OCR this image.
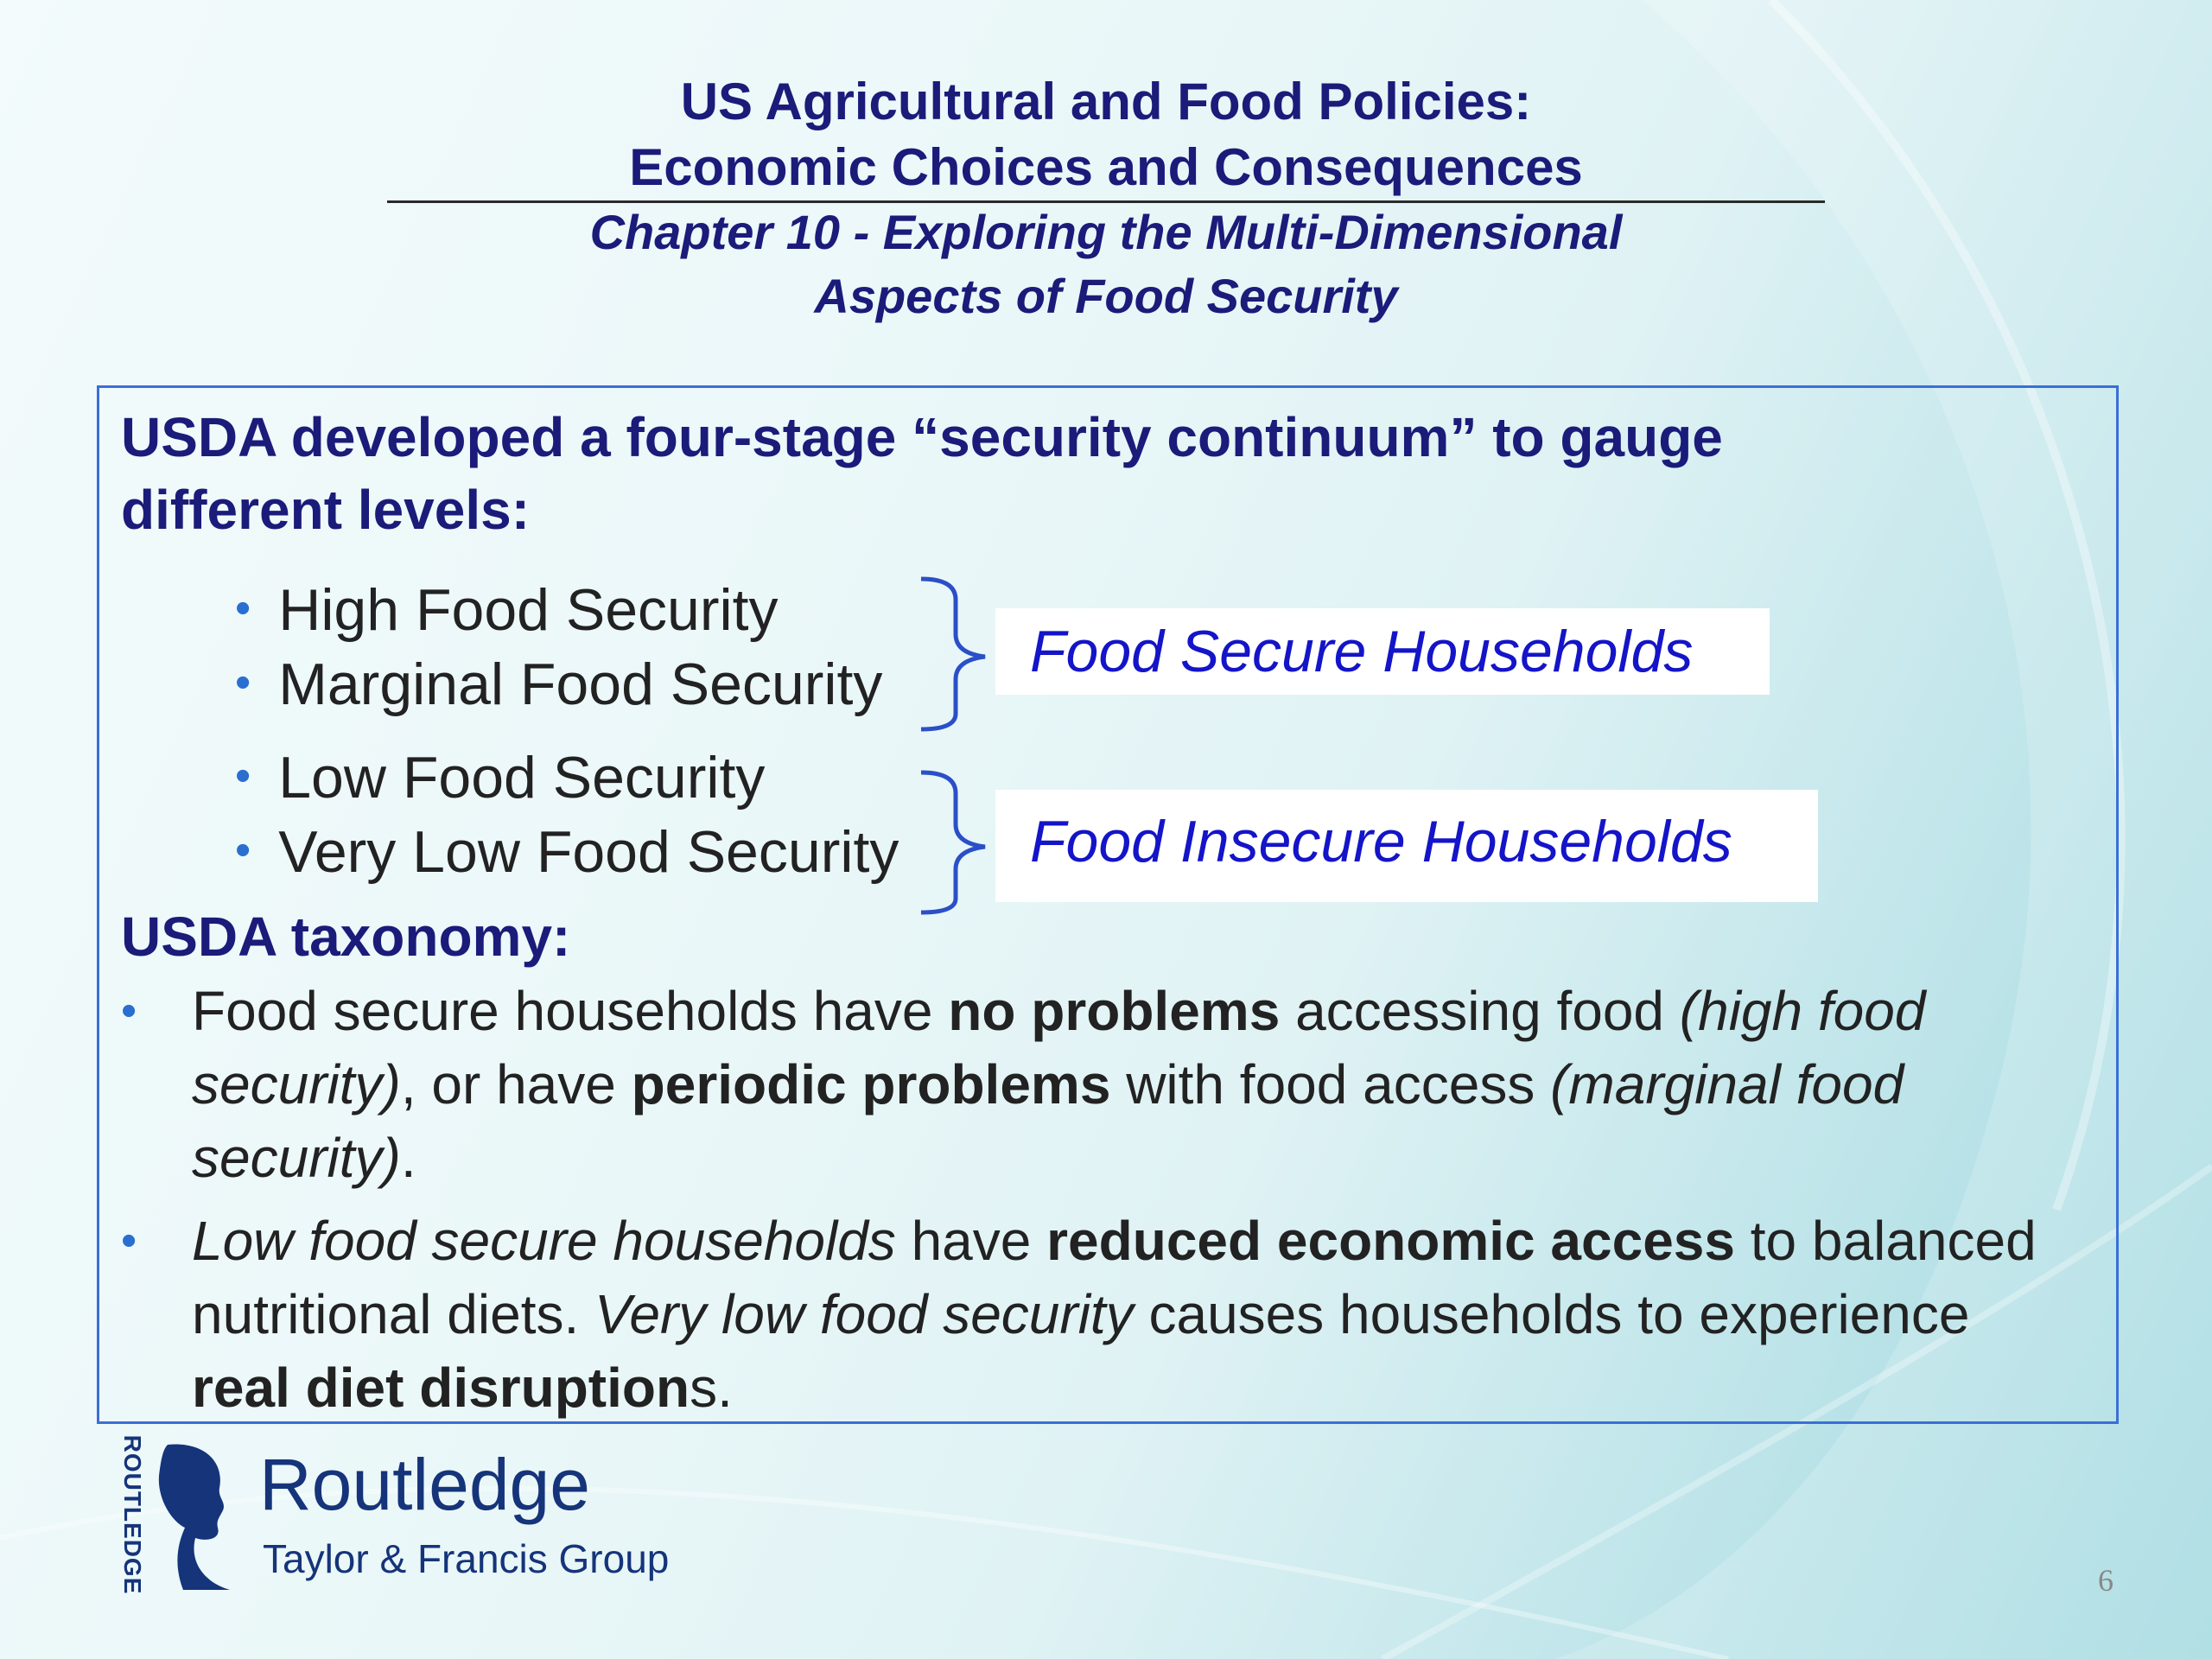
US Agricultural and Food Policies:
Economic Choices and Consequences
Chapter 10 - Exploring the Multi-Dimensional
Aspects of Food Security

USDA developed a four-stage “security continuum” to gauge

different levels:

• High Food Security
• Marginal Food Security
• Low Food Security
• Very Low Food Security
Food Secure Households
Food Insecure Households

USDA taxonomy:

• Food secure households have no problems accessing food (high food security), or have periodic problems with food access (marginal food security).
• Low food secure households have reduced economic access to balanced nutritional diets. Very low food security causes households to experience real diet disruptions.
ROUTLEDGE Routledge
Taylor & Francis Group	6
